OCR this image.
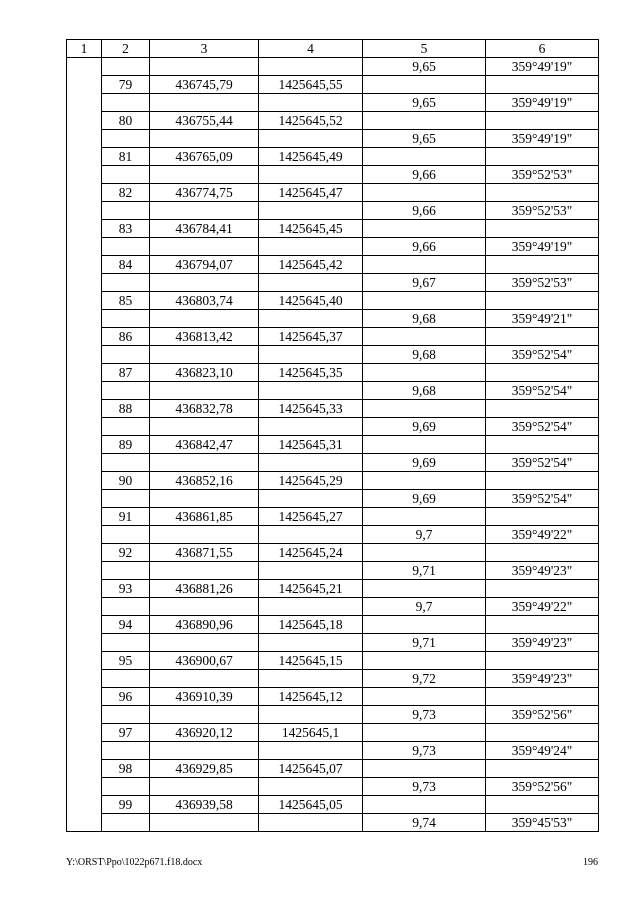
1	2	3	4	5	6
				9,65	359°49'19"
	79	436745,79	1425645,55		
				9,65	359°49'19"
	80	436755,44	1425645,52		
				9,65	359°49'19"
	81	436765,09	1425645,49		
				9,66	359°52'53"
	82	436774,75	1425645,47		
				9,66	359°52'53"
	83	436784,41	1425645,45		
				9,66	359°49'19"
	84	436794,07	1425645,42		
				9,67	359°52'53"
	85	436803,74	1425645,40		
				9,68	359°49'21"
	86	436813,42	1425645,37		
				9,68	359°52'54"
	87	436823,10	1425645,35		
				9,68	359°52'54"
	88	436832,78	1425645,33		
				9,69	359°52'54"
	89	436842,47	1425645,31		
				9,69	359°52'54"
	90	436852,16	1425645,29		
				9,69	359°52'54"
	91	436861,85	1425645,27		
				9,7	359°49'22"
	92	436871,55	1425645,24		
				9,71	359°49'23"
	93	436881,26	1425645,21		
				9,7	359°49'22"
	94	436890,96	1425645,18		
				9,71	359°49'23"
	95	436900,67	1425645,15		
				9,72	359°49'23"
	96	436910,39	1425645,12		
				9,73	359°52'56"
	97	436920,12	1425645,1		
				9,73	359°49'24"
	98	436929,85	1425645,07		
				9,73	359°52'56"
	99	436939,58	1425645,05		
				9,74	359°45'53"
Y:\ORST\Ppo\1022p671.f18.docx	196
